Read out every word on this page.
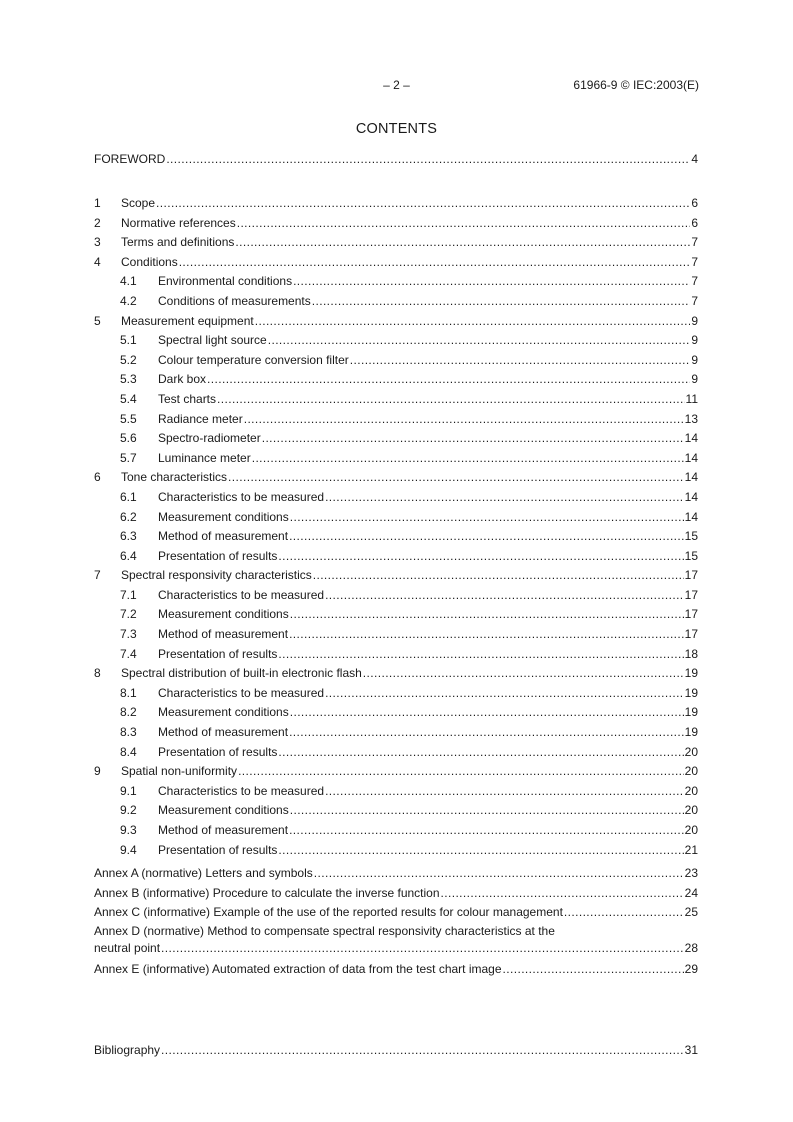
– 2 –	61966-9 © IEC:2003(E)
CONTENTS
FOREWORD .....	4
1	Scope .....	6
2	Normative references .....	6
3	Terms and definitions .....	7
4	Conditions .....	7
4.1	Environmental conditions .....	7
4.2	Conditions of measurements .....	7
5	Measurement equipment .....	9
5.1	Spectral light source .....	9
5.2	Colour temperature conversion filter .....	9
5.3	Dark box .....	9
5.4	Test charts .....	11
5.5	Radiance meter .....	13
5.6	Spectro-radiometer .....	14
5.7	Luminance meter .....	14
6	Tone characteristics .....	14
6.1	Characteristics to be measured .....	14
6.2	Measurement conditions .....	14
6.3	Method of measurement .....	15
6.4	Presentation of results .....	15
7	Spectral responsivity characteristics .....	17
7.1	Characteristics to be measured .....	17
7.2	Measurement conditions .....	17
7.3	Method of measurement .....	17
7.4	Presentation of results .....	18
8	Spectral distribution of built-in electronic flash .....	19
8.1	Characteristics to be measured .....	19
8.2	Measurement conditions .....	19
8.3	Method of measurement .....	19
8.4	Presentation of results .....	20
9	Spatial non-uniformity .....	20
9.1	Characteristics to be measured .....	20
9.2	Measurement conditions .....	20
9.3	Method of measurement .....	20
9.4	Presentation of results .....	21
Annex A (normative) Letters and symbols .....	23
Annex B (informative) Procedure to calculate the inverse function .....	24
Annex C (informative) Example of the use of the reported results for colour management .....	25
Annex D (normative) Method to compensate spectral responsivity characteristics at the
neutral point .....	28
Annex E (informative) Automated extraction of data from the test chart image .....	29
Bibliography .....	31
